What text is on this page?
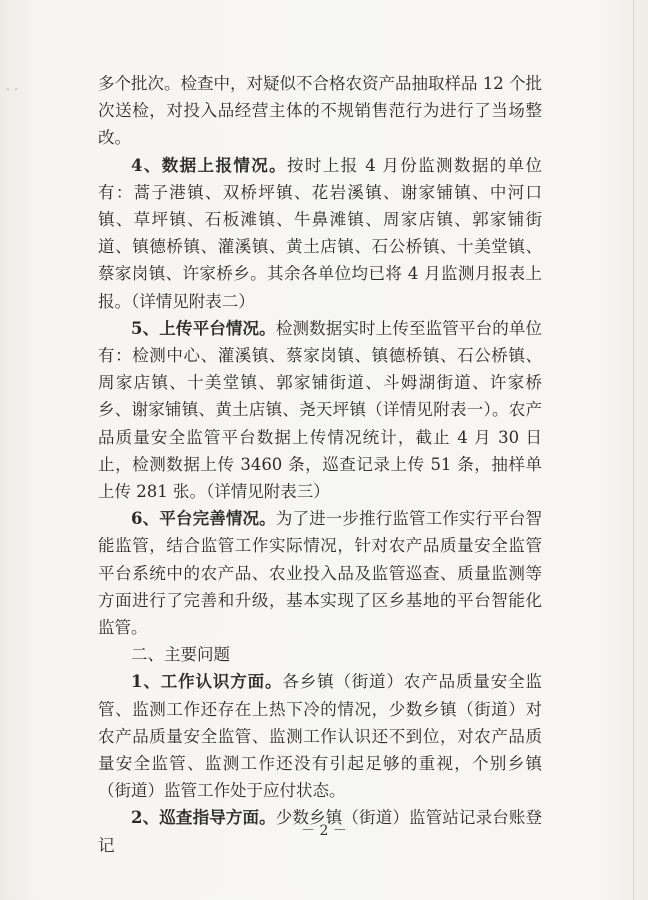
- -	多个批次。检查中，对疑似不合格农资产品抽取样品 12 个批次送检，对投入品经营主体的不规销售范行为进行了当场整改。

4、数据上报情况。按时上报 4 月份监测数据的单位有：蒿子港镇、双桥坪镇、花岩溪镇、谢家铺镇、中河口镇、草坪镇、石板滩镇、牛鼻滩镇、周家店镇、郭家铺街道、镇德桥镇、灌溪镇、黄土店镇、石公桥镇、十美堂镇、蔡家岗镇、许家桥乡。其余各单位均已将 4 月监测月报表上报。（详情见附表二）

5、上传平台情况。检测数据实时上传至监管平台的单位有：检测中心、灌溪镇、蔡家岗镇、镇德桥镇、石公桥镇、周家店镇、十美堂镇、郭家铺街道、斗姆湖街道、许家桥乡、谢家铺镇、黄土店镇、尧天坪镇（详情见附表一）。农产品质量安全监管平台数据上传情况统计，截止 4 月 30 日止，检测数据上传 3460 条，巡查记录上传 51 条，抽样单上传 281 张。（详情见附表三）

6、平台完善情况。为了进一步推行监管工作实行平台智能监管，结合监管工作实际情况，针对农产品质量安全监管平台系统中的农产品、农业投入品及监管巡查、质量监测等方面进行了完善和升级，基本实现了区乡基地的平台智能化监管。

二、主要问题

1、工作认识方面。各乡镇（街道）农产品质量安全监管、监测工作还存在上热下冷的情况，少数乡镇（街道）对农产品质量安全监管、监测工作认识还不到位，对农产品质量安全监管、监测工作还没有引起足够的重视，个别乡镇（街道）监管工作处于应付状态。

2、巡查指导方面。少数乡镇（街道）监管站记录台账登记

－ 2 －
